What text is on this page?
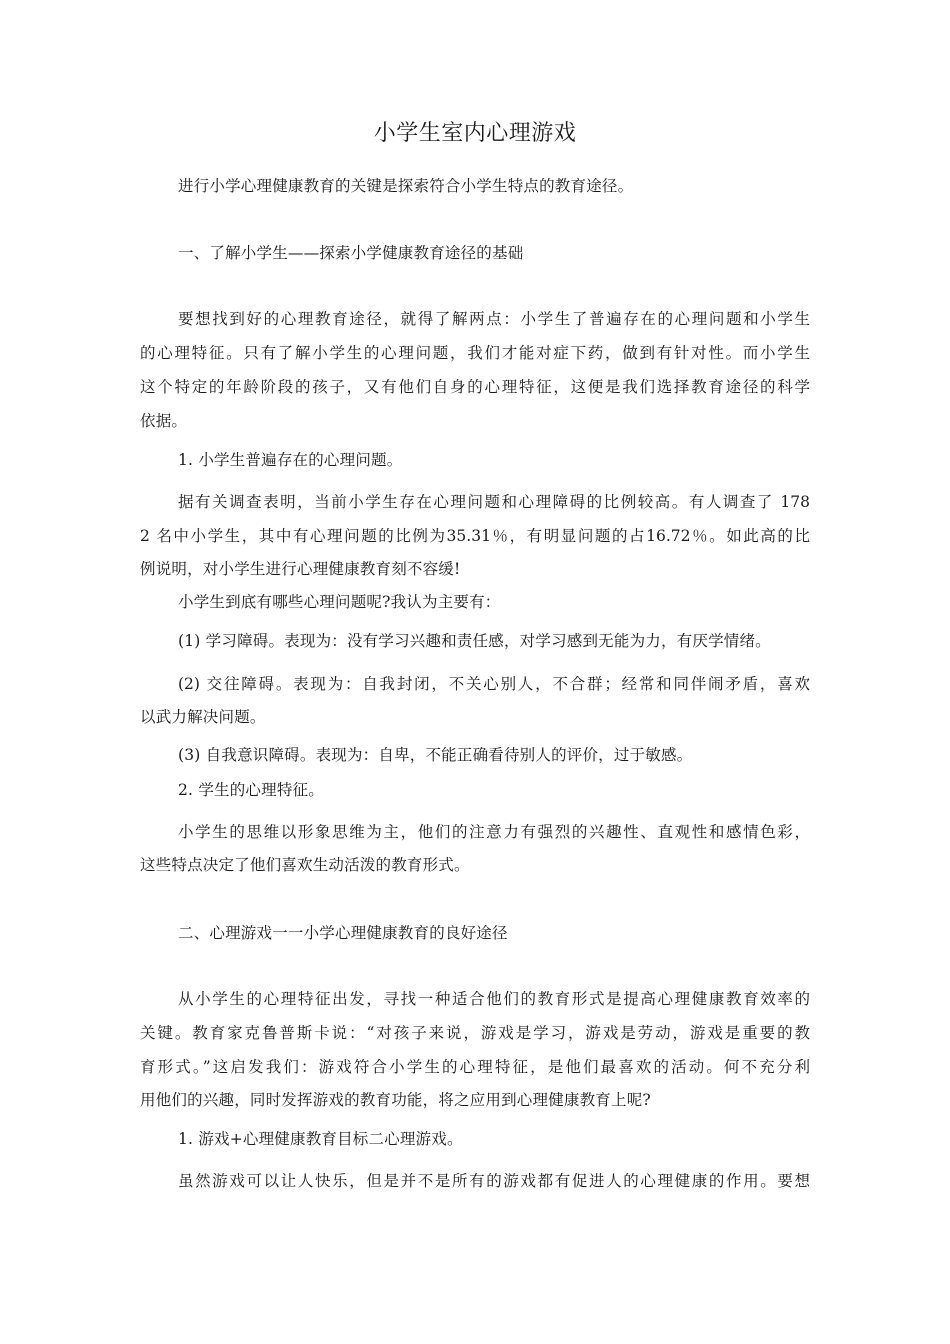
小学生室内心理游戏
进行小学心理健康教育的关键是探索符合小学生特点的教育途径。
一、了解小学生——探索小学健康教育途径的基础
要想找到好的心理教育途径，就得了解两点：小学生了普遍存在的心理问题和小学生
的心理特征。只有了解小学生的心理问题，我们才能对症下药，做到有针对性。而小学生
这个特定的年龄阶段的孩子，又有他们自身的心理特征，这便是我们选择教育途径的科学
依据。
1. 小学生普遍存在的心理问题。
据有关调查表明，当前小学生存在心理问题和心理障碍的比例较高。有人调查了 178
2 名中小学生，其中有心理问题的比例为35.31％，有明显问题的占16.72％。如此高的比
例说明，对小学生进行心理健康教育刻不容缓!
小学生到底有哪些心理问题呢?我认为主要有：
(1) 学习障碍。表现为：没有学习兴趣和责任感，对学习感到无能为力，有厌学情绪。
(2) 交往障碍。表现为：自我封闭，不关心别人，不合群；经常和同伴闹矛盾，喜欢
以武力解决问题。
(3) 自我意识障碍。表现为：自卑，不能正确看待别人的评价，过于敏感。
2. 学生的心理特征。
小学生的思维以形象思维为主，他们的注意力有强烈的兴趣性、直观性和感情色彩，
这些特点决定了他们喜欢生动活泼的教育形式。
二、心理游戏一一小学心理健康教育的良好途径
从小学生的心理特征出发，寻找一种适合他们的教育形式是提高心理健康教育效率的
关键。教育家克鲁普斯卡说：“对孩子来说，游戏是学习，游戏是劳动，游戏是重要的教
育形式。”这启发我们：游戏符合小学生的心理特征，是他们最喜欢的活动。何不充分利
用他们的兴趣，同时发挥游戏的教育功能，将之应用到心理健康教育上呢?
1. 游戏+心理健康教育目标二心理游戏。
虽然游戏可以让人快乐，但是并不是所有的游戏都有促进人的心理健康的作用。要想
